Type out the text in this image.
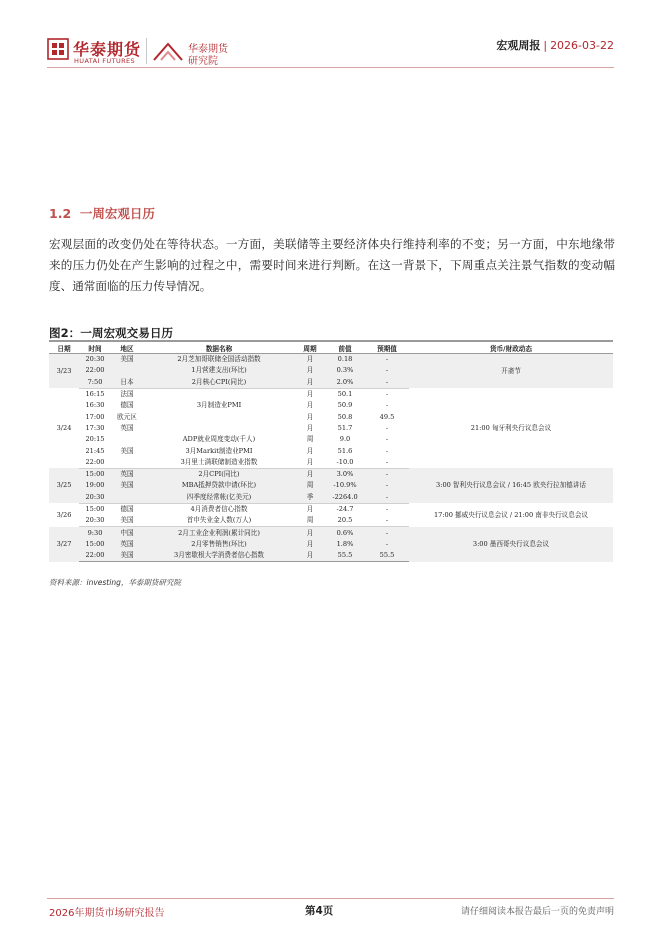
华泰期货
HUATAI FUTURES
华泰期货
研究院
宏观周报 | 2026-03-22
1.2 一周宏观日历
宏观层面的改变仍处在等待状态。一方面，美联储等主要经济体央行维持利率的不变；另一方面，中东地缘带来的压力仍处在产生影响的过程之中，需要时间来进行判断。在这一背景下，下周重点关注景气指数的变动幅度、通常面临的压力传导情况。
图2：一周宏观交易日历
日期	时间	地区	数据名称	周期	前值	预期值	货币/财政动态
3/23	20:30	美国	2月芝加哥联储全国活动指数	月	0.18	-	开斋节
	22:00		1月营建支出(环比)	月	0.3%	-	
	7:50	日本	2月核心CPI(同比)	月	2.0%	-	
3/24	16:15	法国		月	50.1	-	21:00 匈牙利央行议息会议
	16:30	德国	3月制造业PMI	月	50.9	-	
	17:00	欧元区		月	50.8	49.5	
	17:30	英国		月	51.7	-	
	20:15		ADP就业周度变动(千人)	周	9.0	-	
	21:45	美国	3月Markit制造业PMI	月	51.6	-	
	22:00		3月里士满联储制造业指数	月	-10.0	-	
3/25	15:00	英国	2月CPI(同比)	月	3.0%	-	3:00 智利央行议息会议 / 16:45 欧央行拉加德讲话
	19:00	美国	MBA抵押贷款申请(环比)	周	-10.9%	-	
	20:30		四季度经常帐(亿美元)	季	-2264.0	-	
3/26	15:00	德国	4月消费者信心指数	月	-24.7	-	17:00 挪威央行议息会议 / 21:00 南非央行议息会议
	20:30	美国	首申失业金人数(万人)	周	20.5	-	
3/27	9:30	中国	2月工业企业利润(累计同比)	月	0.6%	-	3:00 墨西哥央行议息会议
	15:00	英国	2月零售销售(环比)	月	1.8%	-	
	22:00	美国	3月密歇根大学消费者信心指数	月	55.5	55.5	
资料来源：investing，华泰期货研究院
2026年期货市场研究报告	第4页	请仔细阅读本报告最后一页的免责声明
